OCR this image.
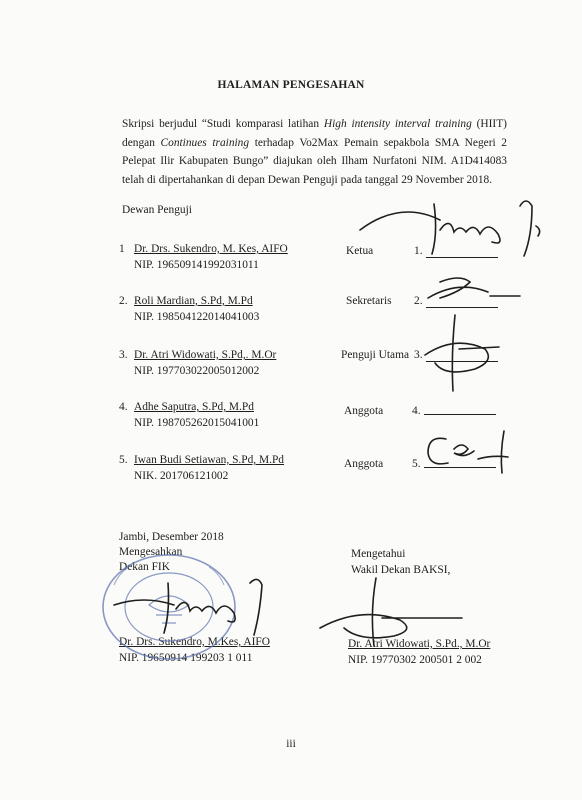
HALAMAN PENGESAHAN
Skripsi berjudul “Studi komparasi latihan High intensity interval training (HIIT)
dengan Continues training terhadap Vo2Max Pemain sepakbola SMA Negeri 2
Pelepat Ilir Kabupaten Bungo” diajukan oleh Ilham Nurfatoni NIM. A1D414083
telah di dipertahankan di depan Dewan Penguji pada tanggal 29 November 2018.
Dewan Penguji
1 Dr. Drs. Sukendro, M. Kes, AIFO
NIP. 196509141992031011
Ketua	1.
2. Roli Mardian, S.Pd, M.Pd
NIP. 198504122014041003
Sekretaris 2.
3. Dr. Atri Widowati, S.Pd,. M.Or
NIP. 197703022005012002
Penguji Utama 3.
4. Adhe Saputra, S.Pd, M.Pd
NIP. 198705262015041001
Anggota	4.
5. Iwan Budi Setiawan, S.Pd, M.Pd
NIK. 201706121002
Anggota	5.
Jambi, Desember 2018
Mengesahkan
Dekan FIK
Dr. Drs. Sukendro, M.Kes, AIFO
NIP. 19650914 199203 1 011
Mengetahui
Wakil Dekan BAKSI,
Dr. Atri Widowati, S.Pd., M.Or
NIP. 19770302 200501 2 002
iii
